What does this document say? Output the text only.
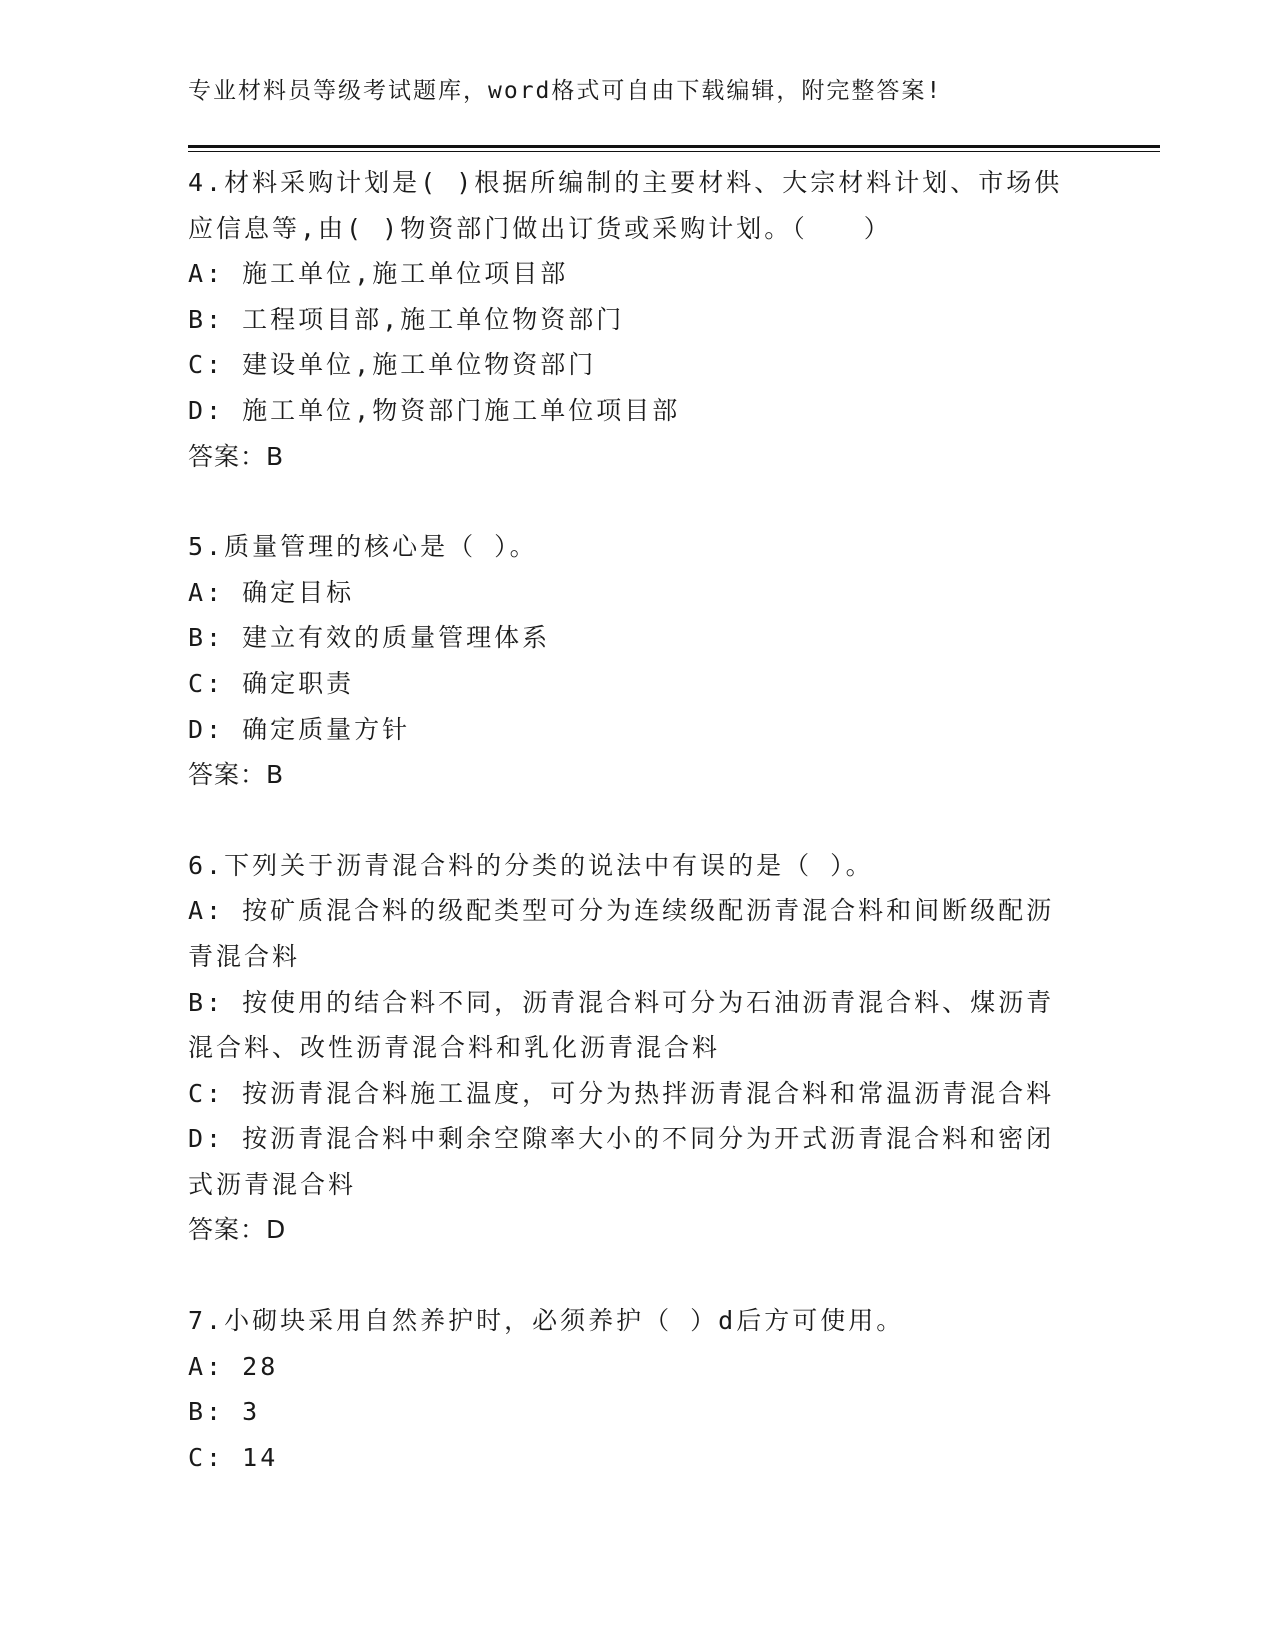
专业材料员等级考试题库，word格式可自由下载编辑，附完整答案!

4.材料采购计划是( )根据所编制的主要材料、大宗材料计划、市场供

应信息等,由( )物资部门做出订货或采购计划。（　　）

A: 施工单位,施工单位项目部

B: 工程项目部,施工单位物资部门

C: 建设单位,施工单位物资部门

D: 施工单位,物资部门施工单位项目部

答案：B

5.质量管理的核心是（ ）。

A: 确定目标

B: 建立有效的质量管理体系

C: 确定职责

D: 确定质量方针

答案：B

6.下列关于沥青混合料的分类的说法中有误的是（ ）。

A: 按矿质混合料的级配类型可分为连续级配沥青混合料和间断级配沥

青混合料

B: 按使用的结合料不同，沥青混合料可分为石油沥青混合料、煤沥青

混合料、改性沥青混合料和乳化沥青混合料

C: 按沥青混合料施工温度，可分为热拌沥青混合料和常温沥青混合料

D: 按沥青混合料中剩余空隙率大小的不同分为开式沥青混合料和密闭

式沥青混合料

答案：D

7.小砌块采用自然养护时，必须养护（ ）d后方可使用。

A: 28

B: 3

C: 14
